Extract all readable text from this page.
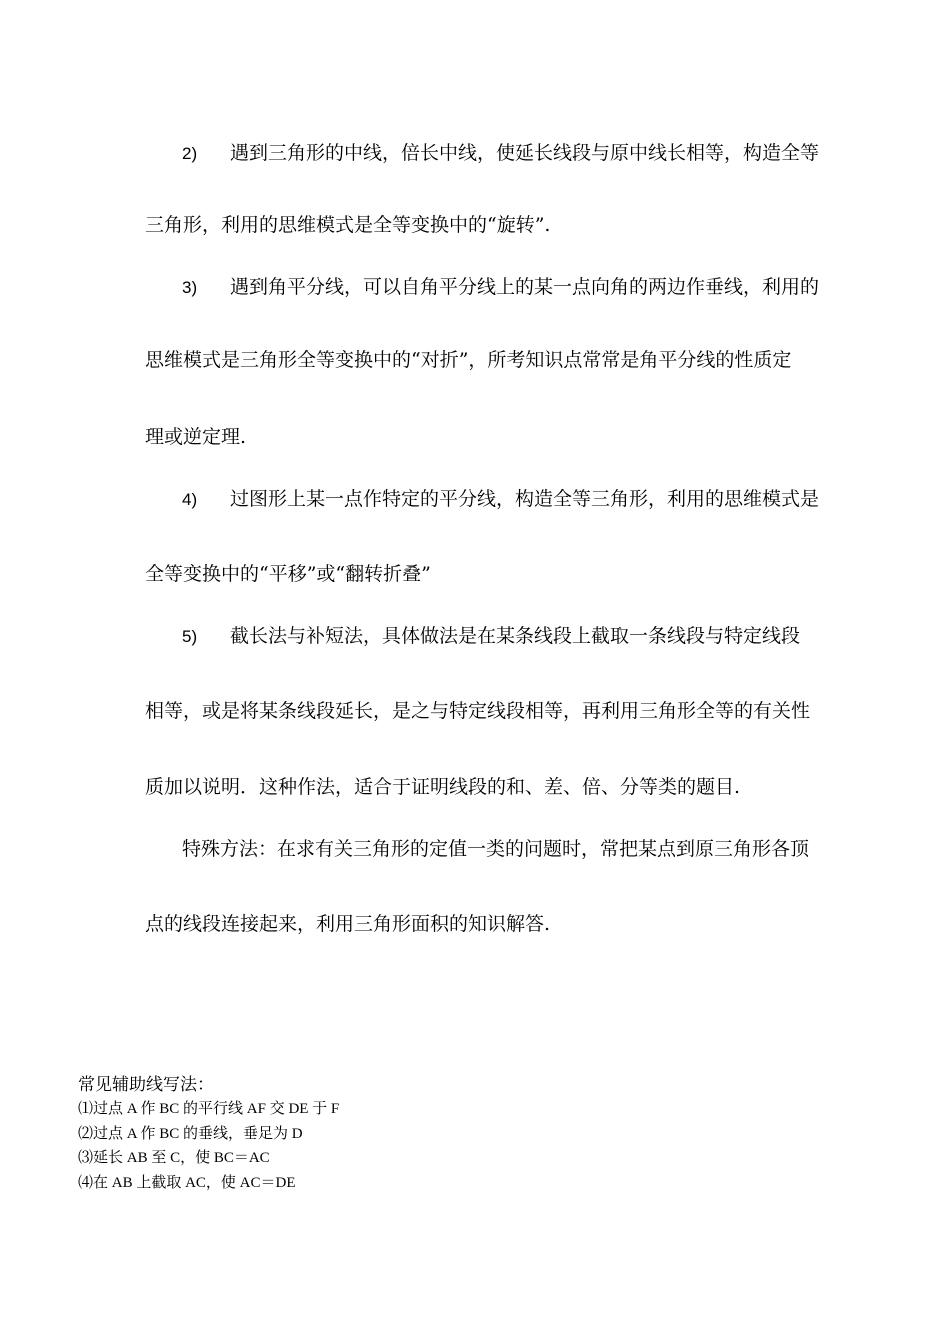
2) 遇到三角形的中线，倍长中线，使延长线段与原中线长相等，构造全等
三角形，利用的思维模式是全等变换中的“旋转”.
3) 遇到角平分线，可以自角平分线上的某一点向角的两边作垂线，利用的
思维模式是三角形全等变换中的“对折”，所考知识点常常是角平分线的性质定
理或逆定理.
4) 过图形上某一点作特定的平分线，构造全等三角形，利用的思维模式是
全等变换中的“平移”或“翻转折叠”
5) 截长法与补短法，具体做法是在某条线段上截取一条线段与特定线段
相等，或是将某条线段延长，是之与特定线段相等，再利用三角形全等的有关性
质加以说明．这种作法，适合于证明线段的和、差、倍、分等类的题目.
特殊方法：在求有关三角形的定值一类的问题时，常把某点到原三角形各顶
点的线段连接起来，利用三角形面积的知识解答.
常见辅助线写法：
⑴过点 A 作 BC 的平行线 AF 交 DE 于 F
⑵过点 A 作 BC 的垂线，垂足为 D
⑶延长 AB 至 C，使 BC＝AC
⑷在 AB 上截取 AC，使 AC＝DE
